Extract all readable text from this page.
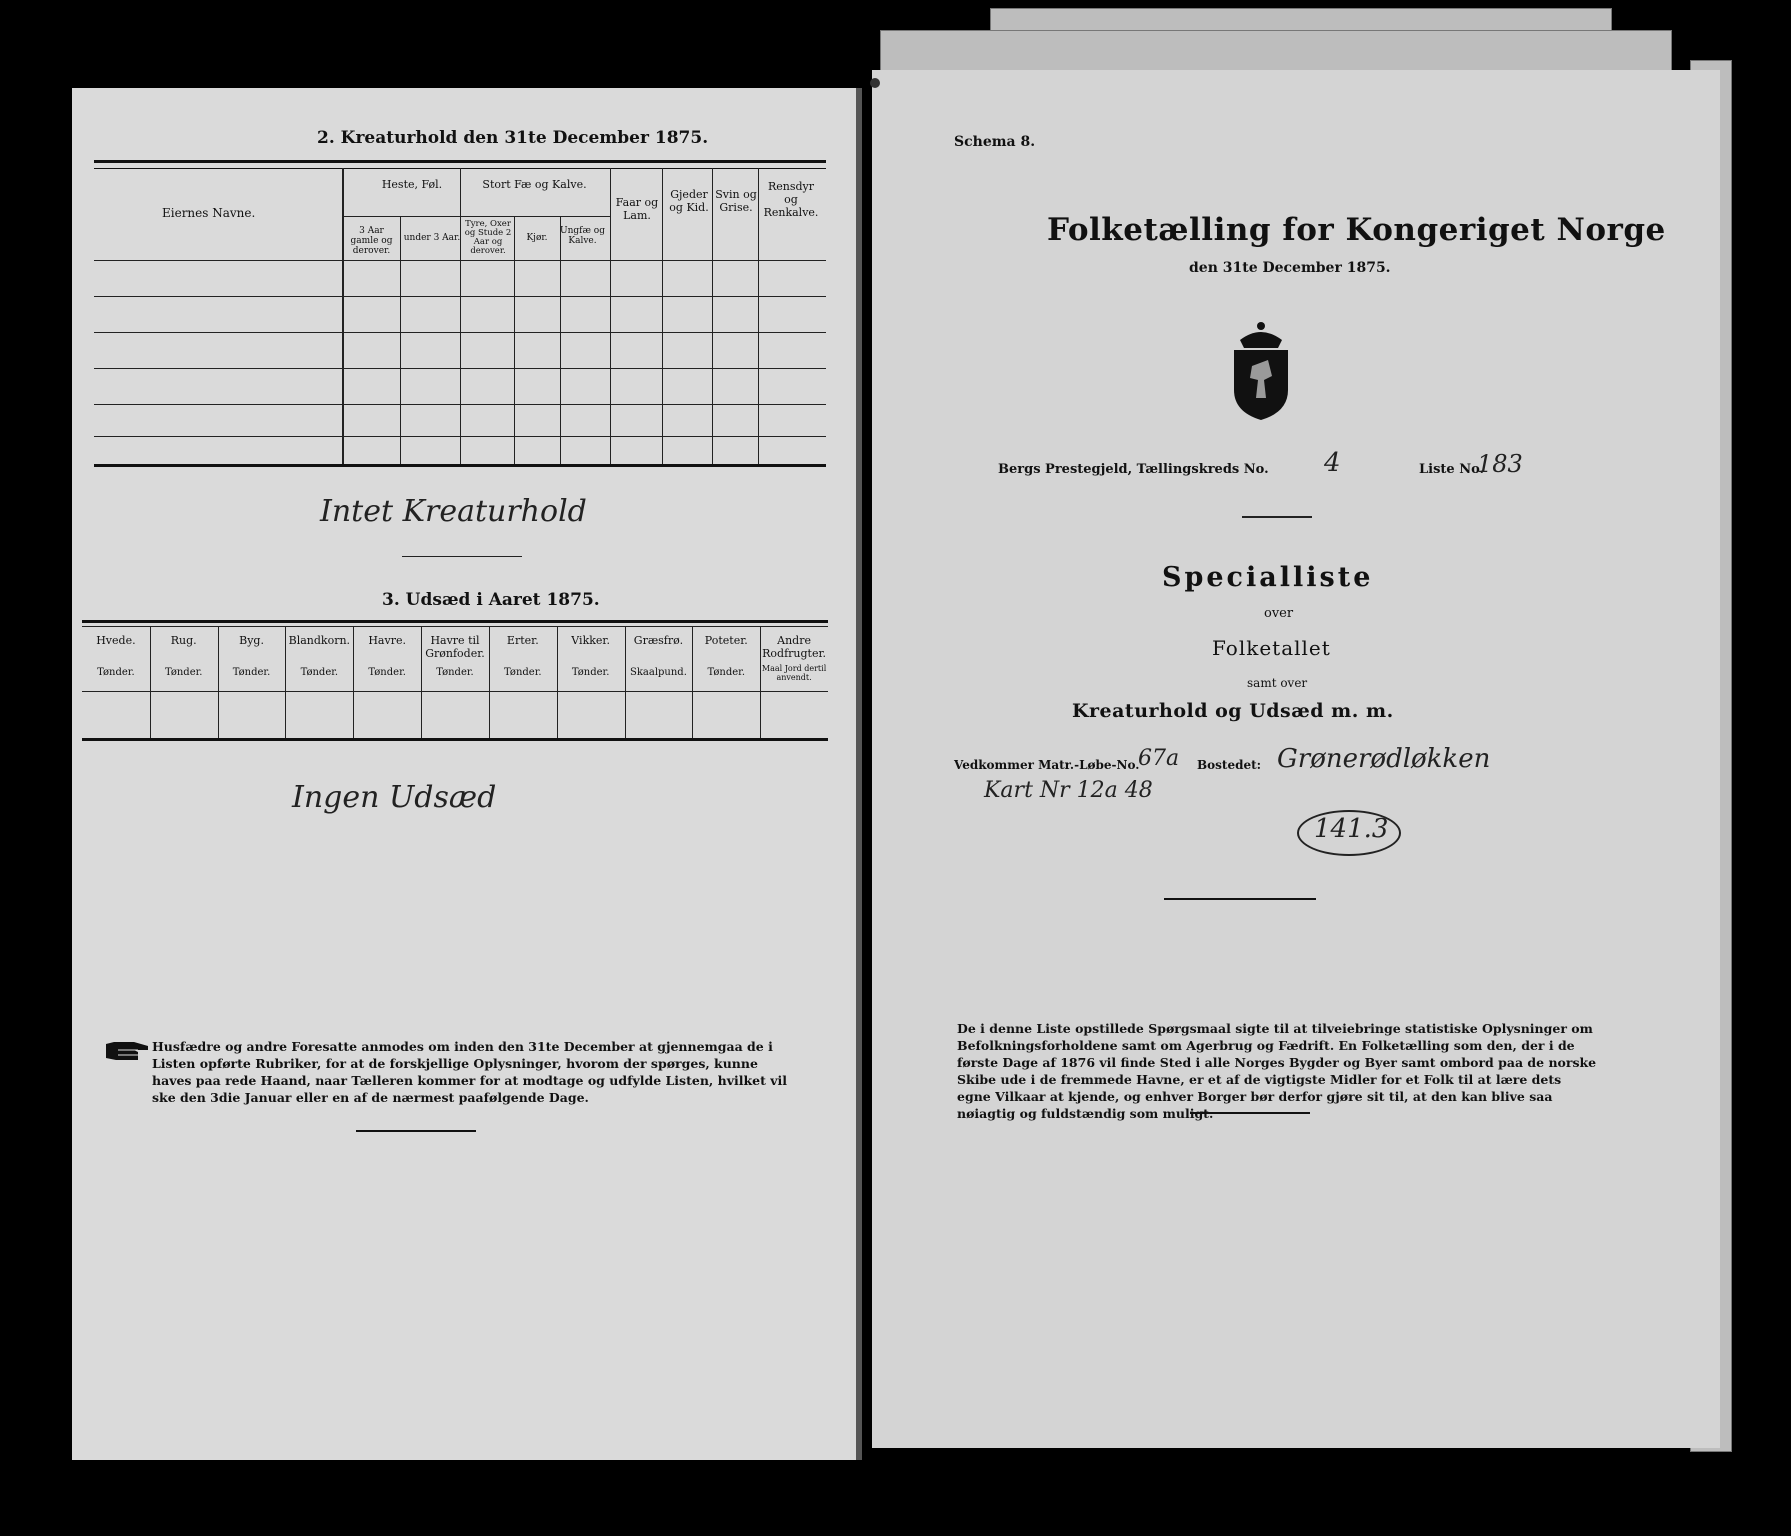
2. Kreaturhold den 31te December 1875.
Eiernes Navne.
Heste, Føl.
3 Aar gamle og derover.
under 3 Aar.
Stort Fæ og Kalve.
Tyre, Oxer og Stude 2 Aar og derover.
Kjør.
Ungfæ og Kalve.
Faar og Lam.
Gjeder og Kid.
Svin og Grise.
Rensdyr og Renkalve.
Intet Kreaturhold
3. Udsæd i Aaret 1875.
Ingen Udsæd
Husfædre og andre Foresatte anmodes om inden den 31te December at gjennemgaa de i Listen opførte Rubriker, for at de forskjellige Oplysninger, hvorom der spørges, kunne haves paa rede Haand, naar Tælleren kommer for at modtage og udfylde Listen, hvilket vil ske den 3die Januar eller en af de nærmest paafølgende Dage.
Hvede.
Tønder.
Rug.
Tønder.
Byg.
Tønder.
Blandkorn.
Tønder.
Havre.
Tønder.
Havre til Grønfoder.
Tønder.
Erter.
Tønder.
Vikker.
Tønder.
Græsfrø.
Skaalpund.
Poteter.
Tønder.
Andre Rodfrugter.
Maal Jord dertil anvendt.
Schema 8.
Folketælling for Kongeriget Norge
den 31te December 1875.
Bergs Prestegjeld, Tællingskreds No. 4	Liste No.
183
Specialliste
over
Folketallet
samt over
Kreaturhold og Udsæd m. m.
Vedkommer Matr.-Løbe-No.
67a Bostedet: Grønerødløkken
Kart Nr 12a 48
141.3
De i denne Liste opstillede Spørgsmaal sigte til at tilveiebringe statistiske Oplysninger om Befolkningsforholdene samt om Agerbrug og Fædrift. En Folketælling som den, der i de første Dage af 1876 vil finde Sted i alle Norges Bygder og Byer samt ombord paa de norske Skibe ude i de fremmede Havne, er et af de vigtigste Midler for et Folk til at lære dets egne Vilkaar at kjende, og enhver Borger bør derfor gjøre sit til, at den kan blive saa nøiagtig og fuldstændig som muligt.
